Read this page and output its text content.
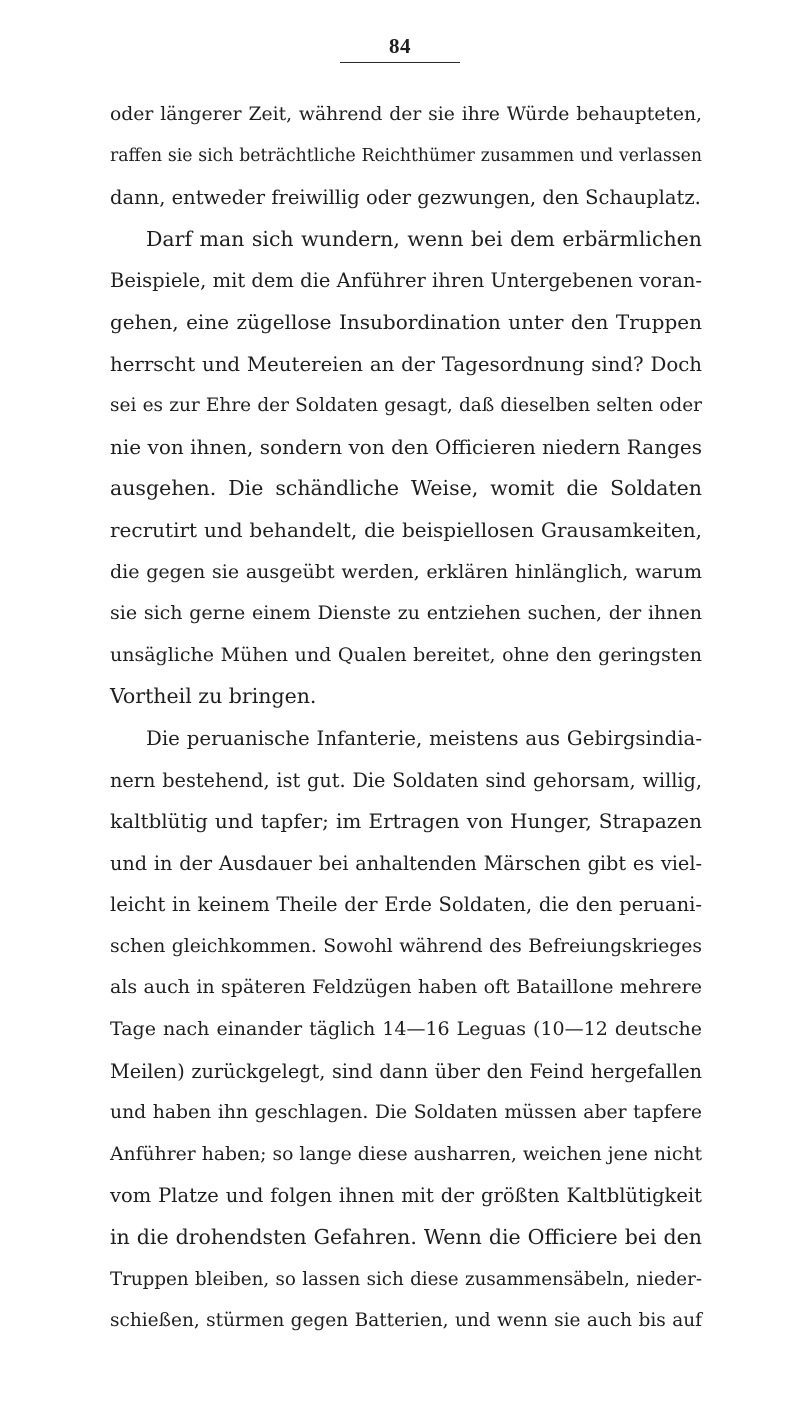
84
oder längerer Zeit, während der sie ihre Würde behaupteten,
raffen sie sich beträchtliche Reichthümer zusammen und verlassen
dann, entweder freiwillig oder gezwungen, den Schauplatz.
Darf man sich wundern, wenn bei dem erbärmlichen
Beispiele, mit dem die Anführer ihren Untergebenen voran-
gehen, eine zügellose Insubordination unter den Truppen
herrscht und Meutereien an der Tagesordnung sind? Doch
sei es zur Ehre der Soldaten gesagt, daß dieselben selten oder
nie von ihnen, sondern von den Officieren niedern Ranges
ausgehen. Die schändliche Weise, womit die Soldaten
recrutirt und behandelt, die beispiellosen Grausamkeiten,
die gegen sie ausgeübt werden, erklären hinlänglich, warum
sie sich gerne einem Dienste zu entziehen suchen, der ihnen
unsägliche Mühen und Qualen bereitet, ohne den geringsten
Vortheil zu bringen.
Die peruanische Infanterie, meistens aus Gebirgsindia-
nern bestehend, ist gut. Die Soldaten sind gehorsam, willig,
kaltblütig und tapfer; im Ertragen von Hunger, Strapazen
und in der Ausdauer bei anhaltenden Märschen gibt es viel-
leicht in keinem Theile der Erde Soldaten, die den peruani-
schen gleichkommen. Sowohl während des Befreiungskrieges
als auch in späteren Feldzügen haben oft Bataillone mehrere
Tage nach einander täglich 14—16 Leguas (10—12 deutsche
Meilen) zurückgelegt, sind dann über den Feind hergefallen
und haben ihn geschlagen. Die Soldaten müssen aber tapfere
Anführer haben; so lange diese ausharren, weichen jene nicht
vom Platze und folgen ihnen mit der größten Kaltblütigkeit
in die drohendsten Gefahren. Wenn die Officiere bei den
Truppen bleiben, so lassen sich diese zusammensäbeln, nieder-
schießen, stürmen gegen Batterien, und wenn sie auch bis auf
